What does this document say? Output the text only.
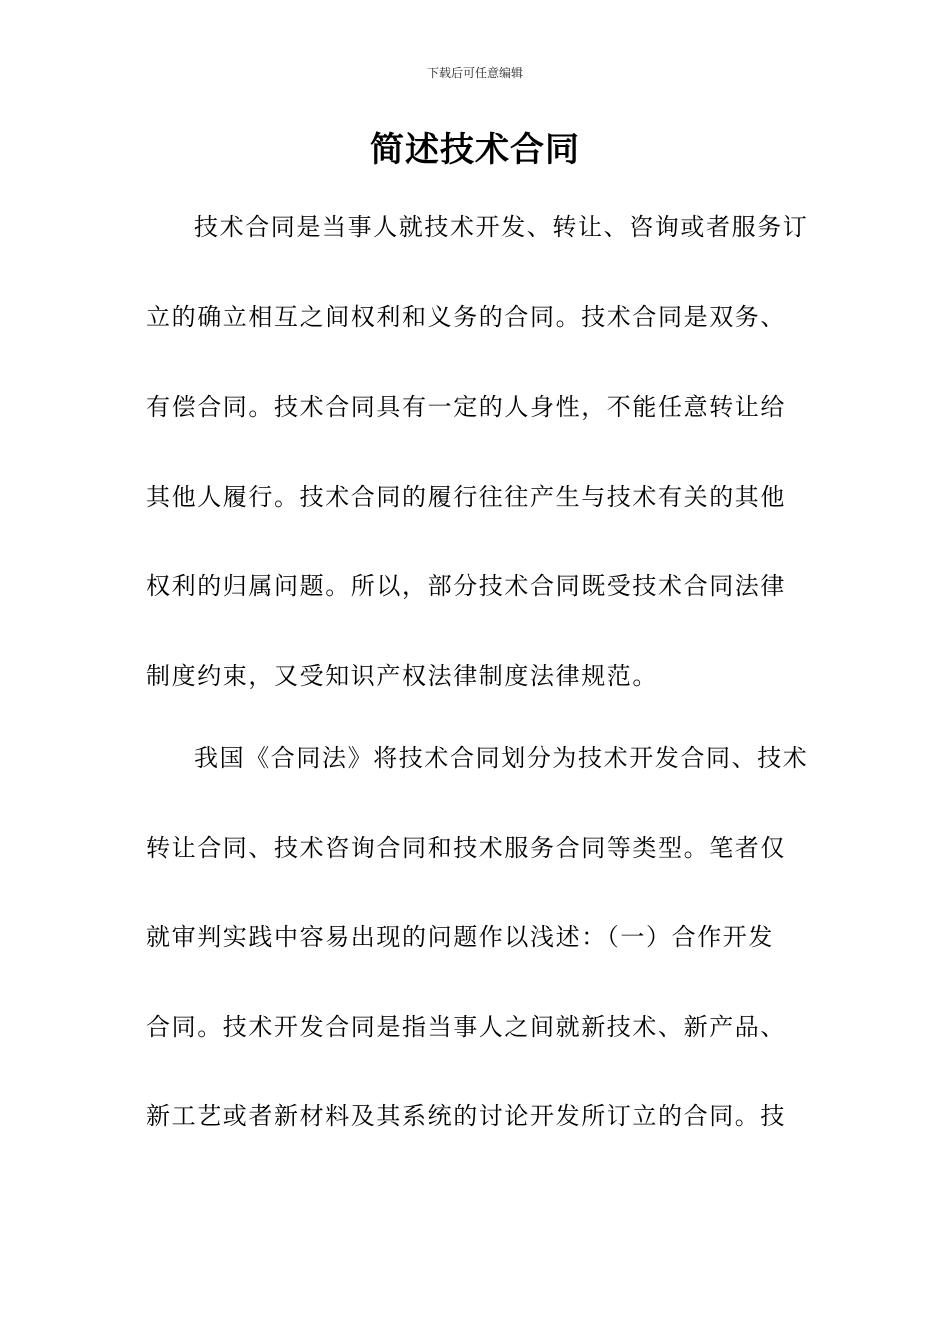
下载后可任意编辑
简述技术合同
技术合同是当事人就技术开发、转让、咨询或者服务订
立的确立相互之间权利和义务的合同。技术合同是双务、
有偿合同。技术合同具有一定的人身性，不能任意转让给
其他人履行。技术合同的履行往往产生与技术有关的其他
权利的归属问题。所以，部分技术合同既受技术合同法律
制度约束，又受知识产权法律制度法律规范。
我国《合同法》将技术合同划分为技术开发合同、技术
转让合同、技术咨询合同和技术服务合同等类型。笔者仅
就审判实践中容易出现的问题作以浅述：（一）合作开发
合同。技术开发合同是指当事人之间就新技术、新产品、
新工艺或者新材料及其系统的讨论开发所订立的合同。技
